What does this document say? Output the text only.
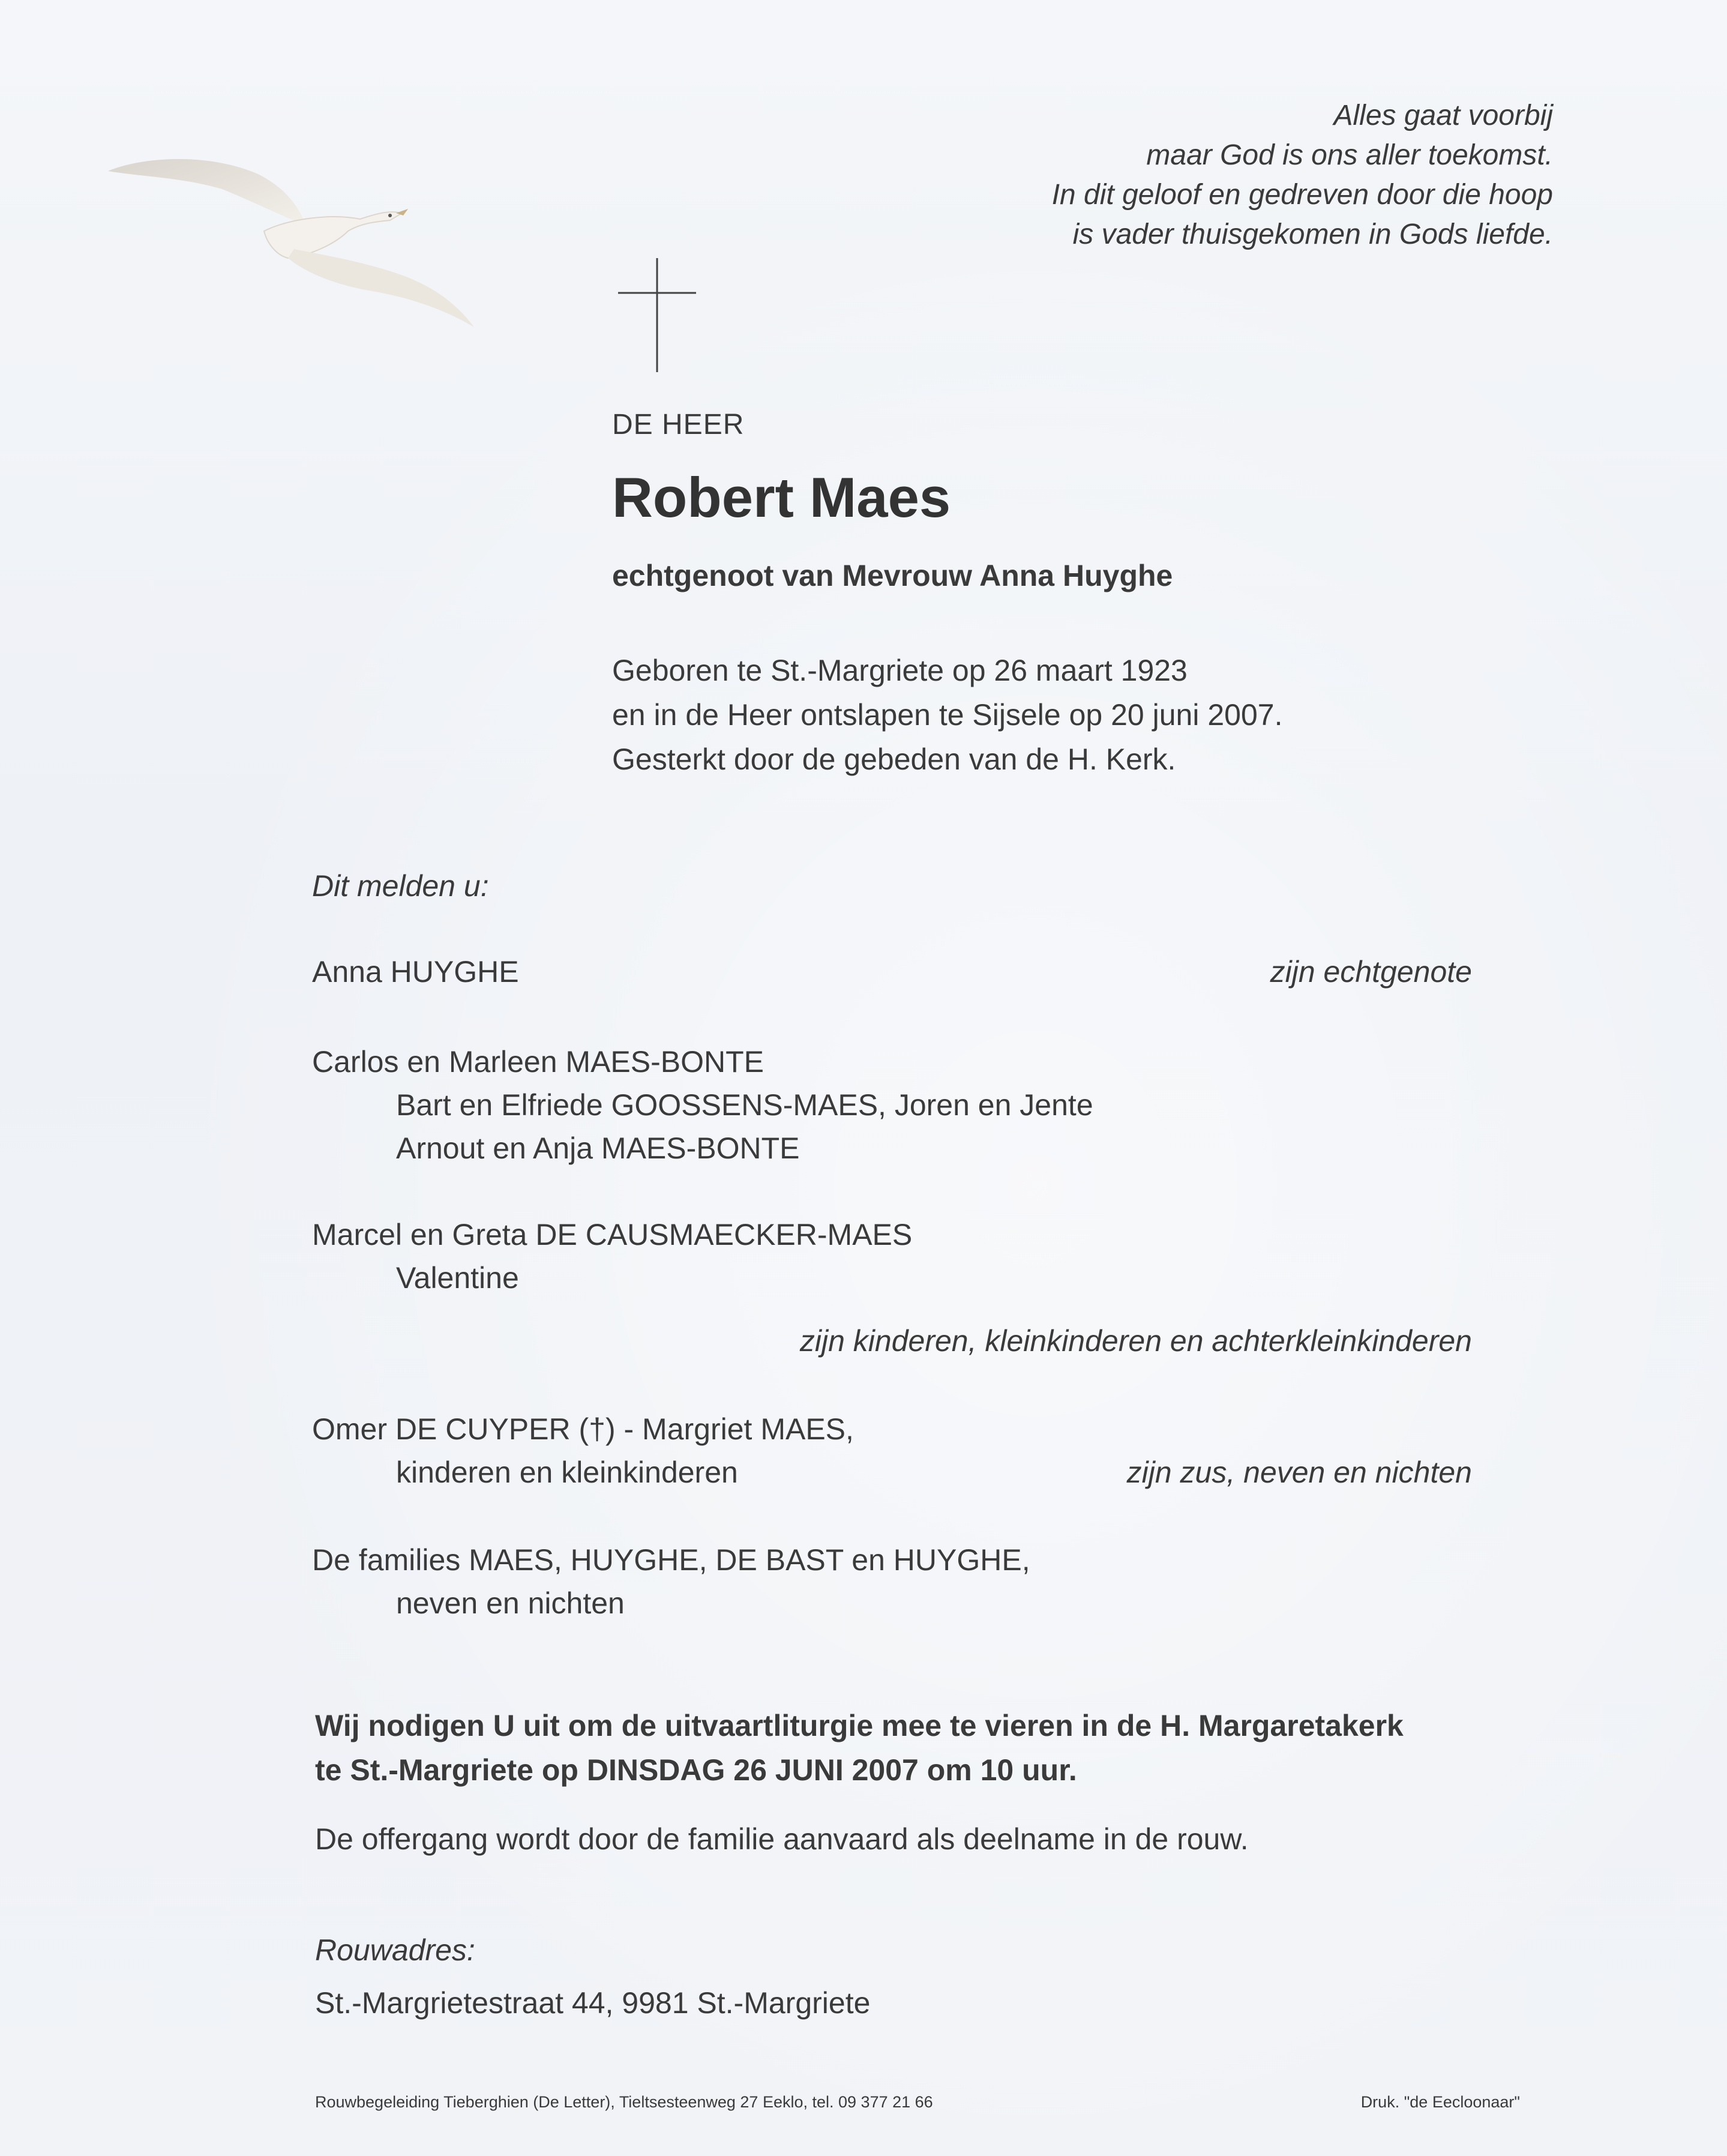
Alles gaat voorbij
maar God is ons aller toekomst.
In dit geloof en gedreven door die hoop
is vader thuisgekomen in Gods liefde.
DE HEER
Robert Maes
echtgenoot van Mevrouw Anna Huyghe
Geboren te St.-Margriete op 26 maart 1923
en in de Heer ontslapen te Sijsele op 20 juni 2007.
Gesterkt door de gebeden van de H. Kerk.
Dit melden u:
Anna HUYGHE	zijn echtgenote
Carlos en Marleen MAES-BONTE
Bart en Elfriede GOOSSENS-MAES, Joren en Jente
Arnout en Anja MAES-BONTE
Marcel en Greta DE CAUSMAECKER-MAES
Valentine
zijn kinderen, kleinkinderen en achterkleinkinderen
Omer DE CUYPER (†) - Margriet MAES,
kinderen en kleinkinderen	zijn zus, neven en nichten
De families MAES, HUYGHE, DE BAST en HUYGHE,
neven en nichten
Wij nodigen U uit om de uitvaartliturgie mee te vieren in de H. Margaretakerk
te St.-Margriete op DINSDAG 26 JUNI 2007 om 10 uur.
De offergang wordt door de familie aanvaard als deelname in de rouw.
Rouwadres:
St.-Margrietestraat 44, 9981 St.-Margriete
Rouwbegeleiding Tieberghien (De Letter), Tieltsesteenweg 27 Eeklo, tel. 09 377 21 66	Druk. "de Eecloonaar"
